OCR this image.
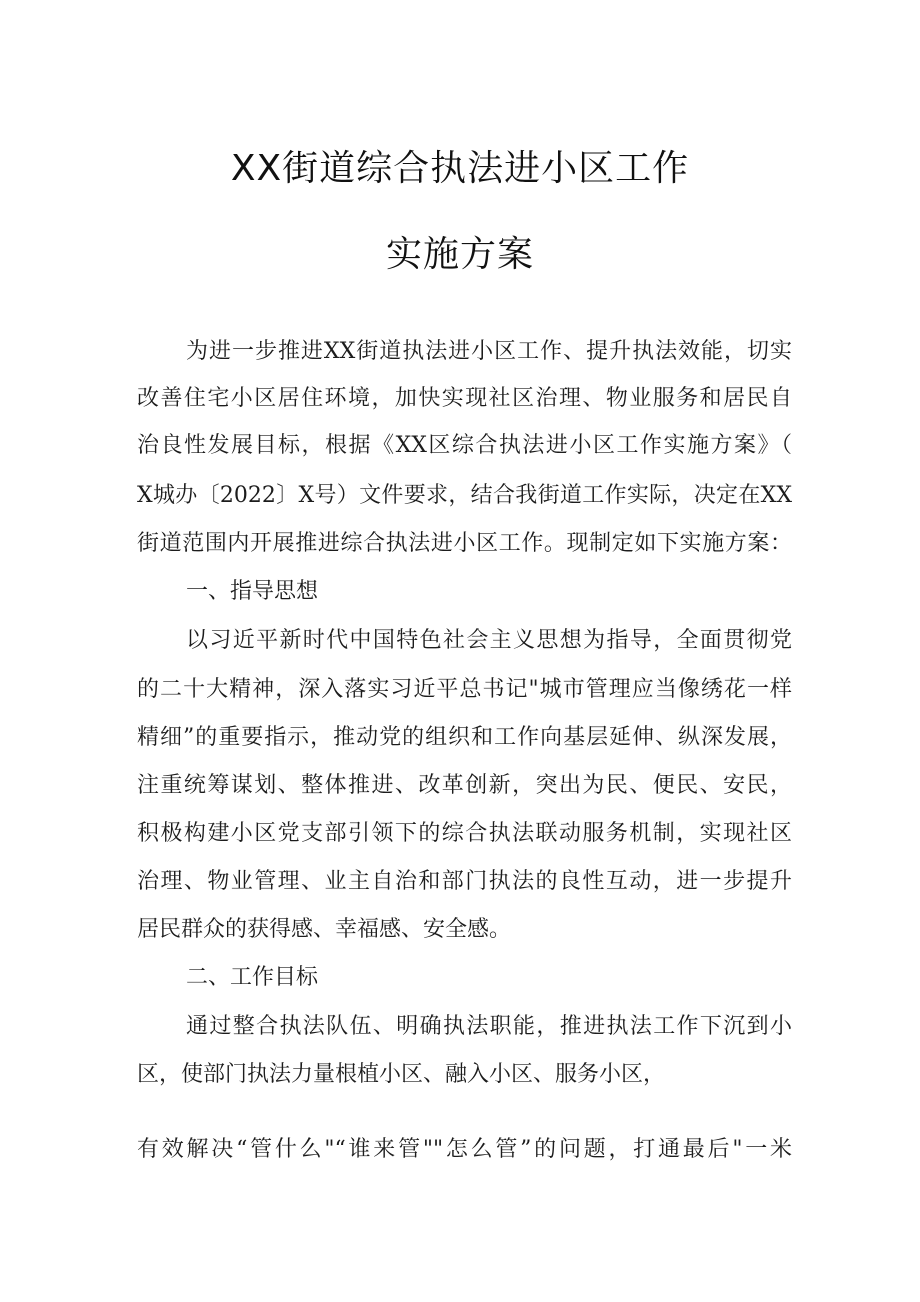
XX街道综合执法进小区工作
实施方案
为进一步推进XX街道执法进小区工作、提升执法效能，切实
改善住宅小区居住环境，加快实现社区治理、物业服务和居民自
治良性发展目标，根据《XX区综合执法进小区工作实施方案》（
X城办〔2022〕X号）文件要求，结合我街道工作实际，决定在XX
街道范围内开展推进综合执法进小区工作。现制定如下实施方案：
一、指导思想
以习近平新时代中国特色社会主义思想为指导，全面贯彻党
的二十大精神，深入落实习近平总书记"城市管理应当像绣花一样
精细”的重要指示，推动党的组织和工作向基层延伸、纵深发展，
注重统筹谋划、整体推进、改革创新，突出为民、便民、安民，
积极构建小区党支部引领下的综合执法联动服务机制，实现社区
治理、物业管理、业主自治和部门执法的良性互动，进一步提升
居民群众的获得感、幸福感、安全感。
二、工作目标
通过整合执法队伍、明确执法职能，推进执法工作下沉到小
区，使部门执法力量根植小区、融入小区、服务小区，
有效解决“管什么"“谁来管""怎么管”的问题，打通最后"一米
